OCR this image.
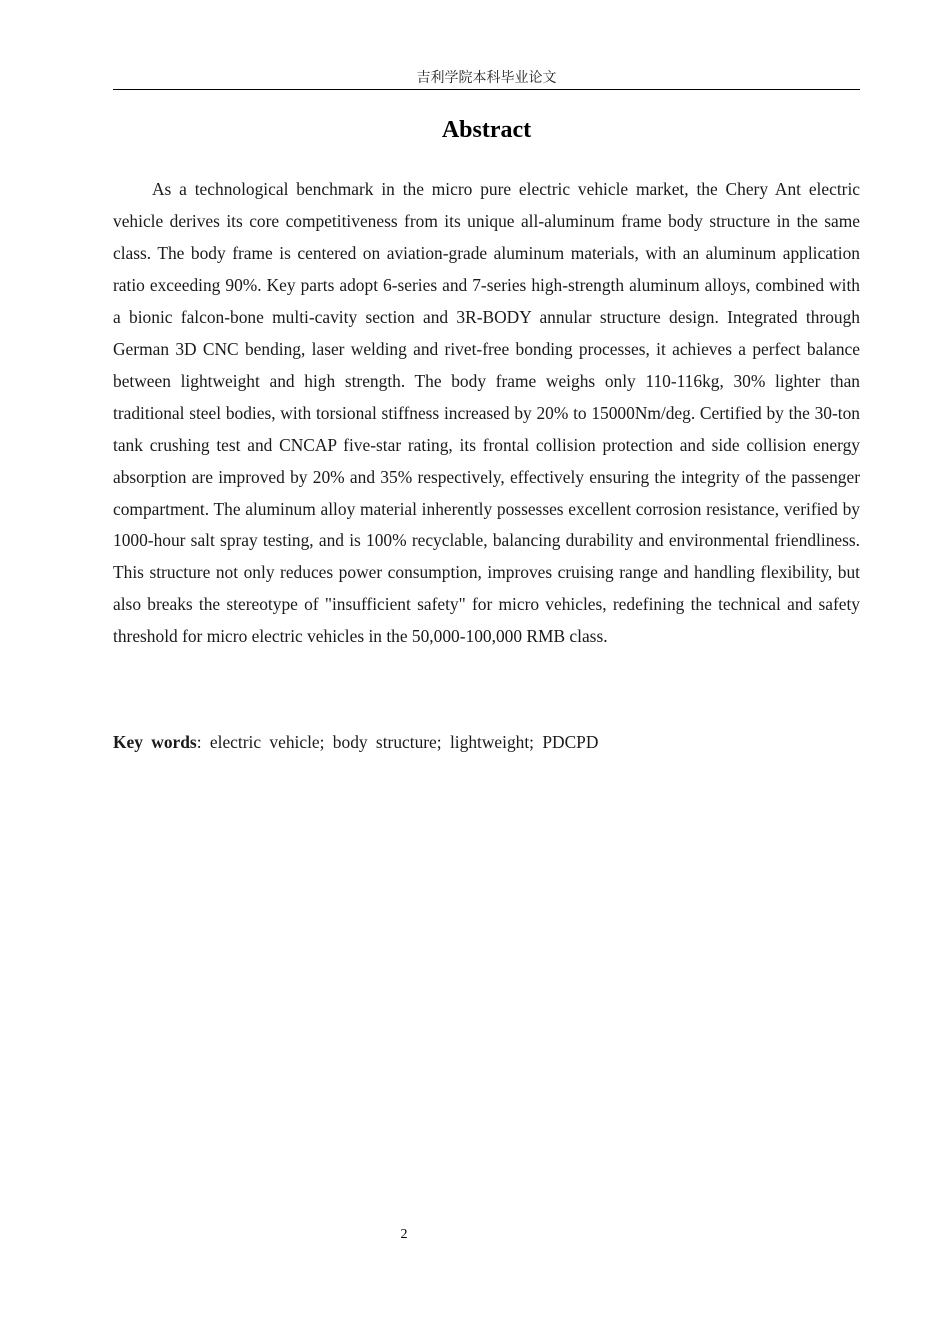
吉利学院本科毕业论文
Abstract

As a technological benchmark in the micro pure electric vehicle market, the Chery Ant electric vehicle derives its core competitiveness from its unique all-aluminum frame body structure in the same class. The body frame is centered on aviation-grade aluminum materials, with an aluminum application ratio exceeding 90%. Key parts adopt 6-series and 7-series high-strength aluminum alloys, combined with a bionic falcon-bone multi-cavity section and 3R-BODY annular structure design. Integrated through German 3D CNC bending, laser welding and rivet-free bonding processes, it achieves a perfect balance between lightweight and high strength. The body frame weighs only 110-116kg, 30% lighter than traditional steel bodies, with torsional stiffness increased by 20% to 15000Nm/deg. Certified by the 30-ton tank crushing test and CNCAP five-star rating, its frontal collision protection and side collision energy absorption are improved by 20% and 35% respectively, effectively ensuring the integrity of the passenger compartment. The aluminum alloy material inherently possesses excellent corrosion resistance, verified by 1000-hour salt spray testing, and is 100% recyclable, balancing durability and environmental friendliness. This structure not only reduces power consumption, improves cruising range and handling flexibility, but also breaks the stereotype of "insufficient safety" for micro vehicles, redefining the technical and safety threshold for micro electric vehicles in the 50,000-100,000 RMB class.

Key words: electric vehicle; body structure; lightweight; PDCPD

2
